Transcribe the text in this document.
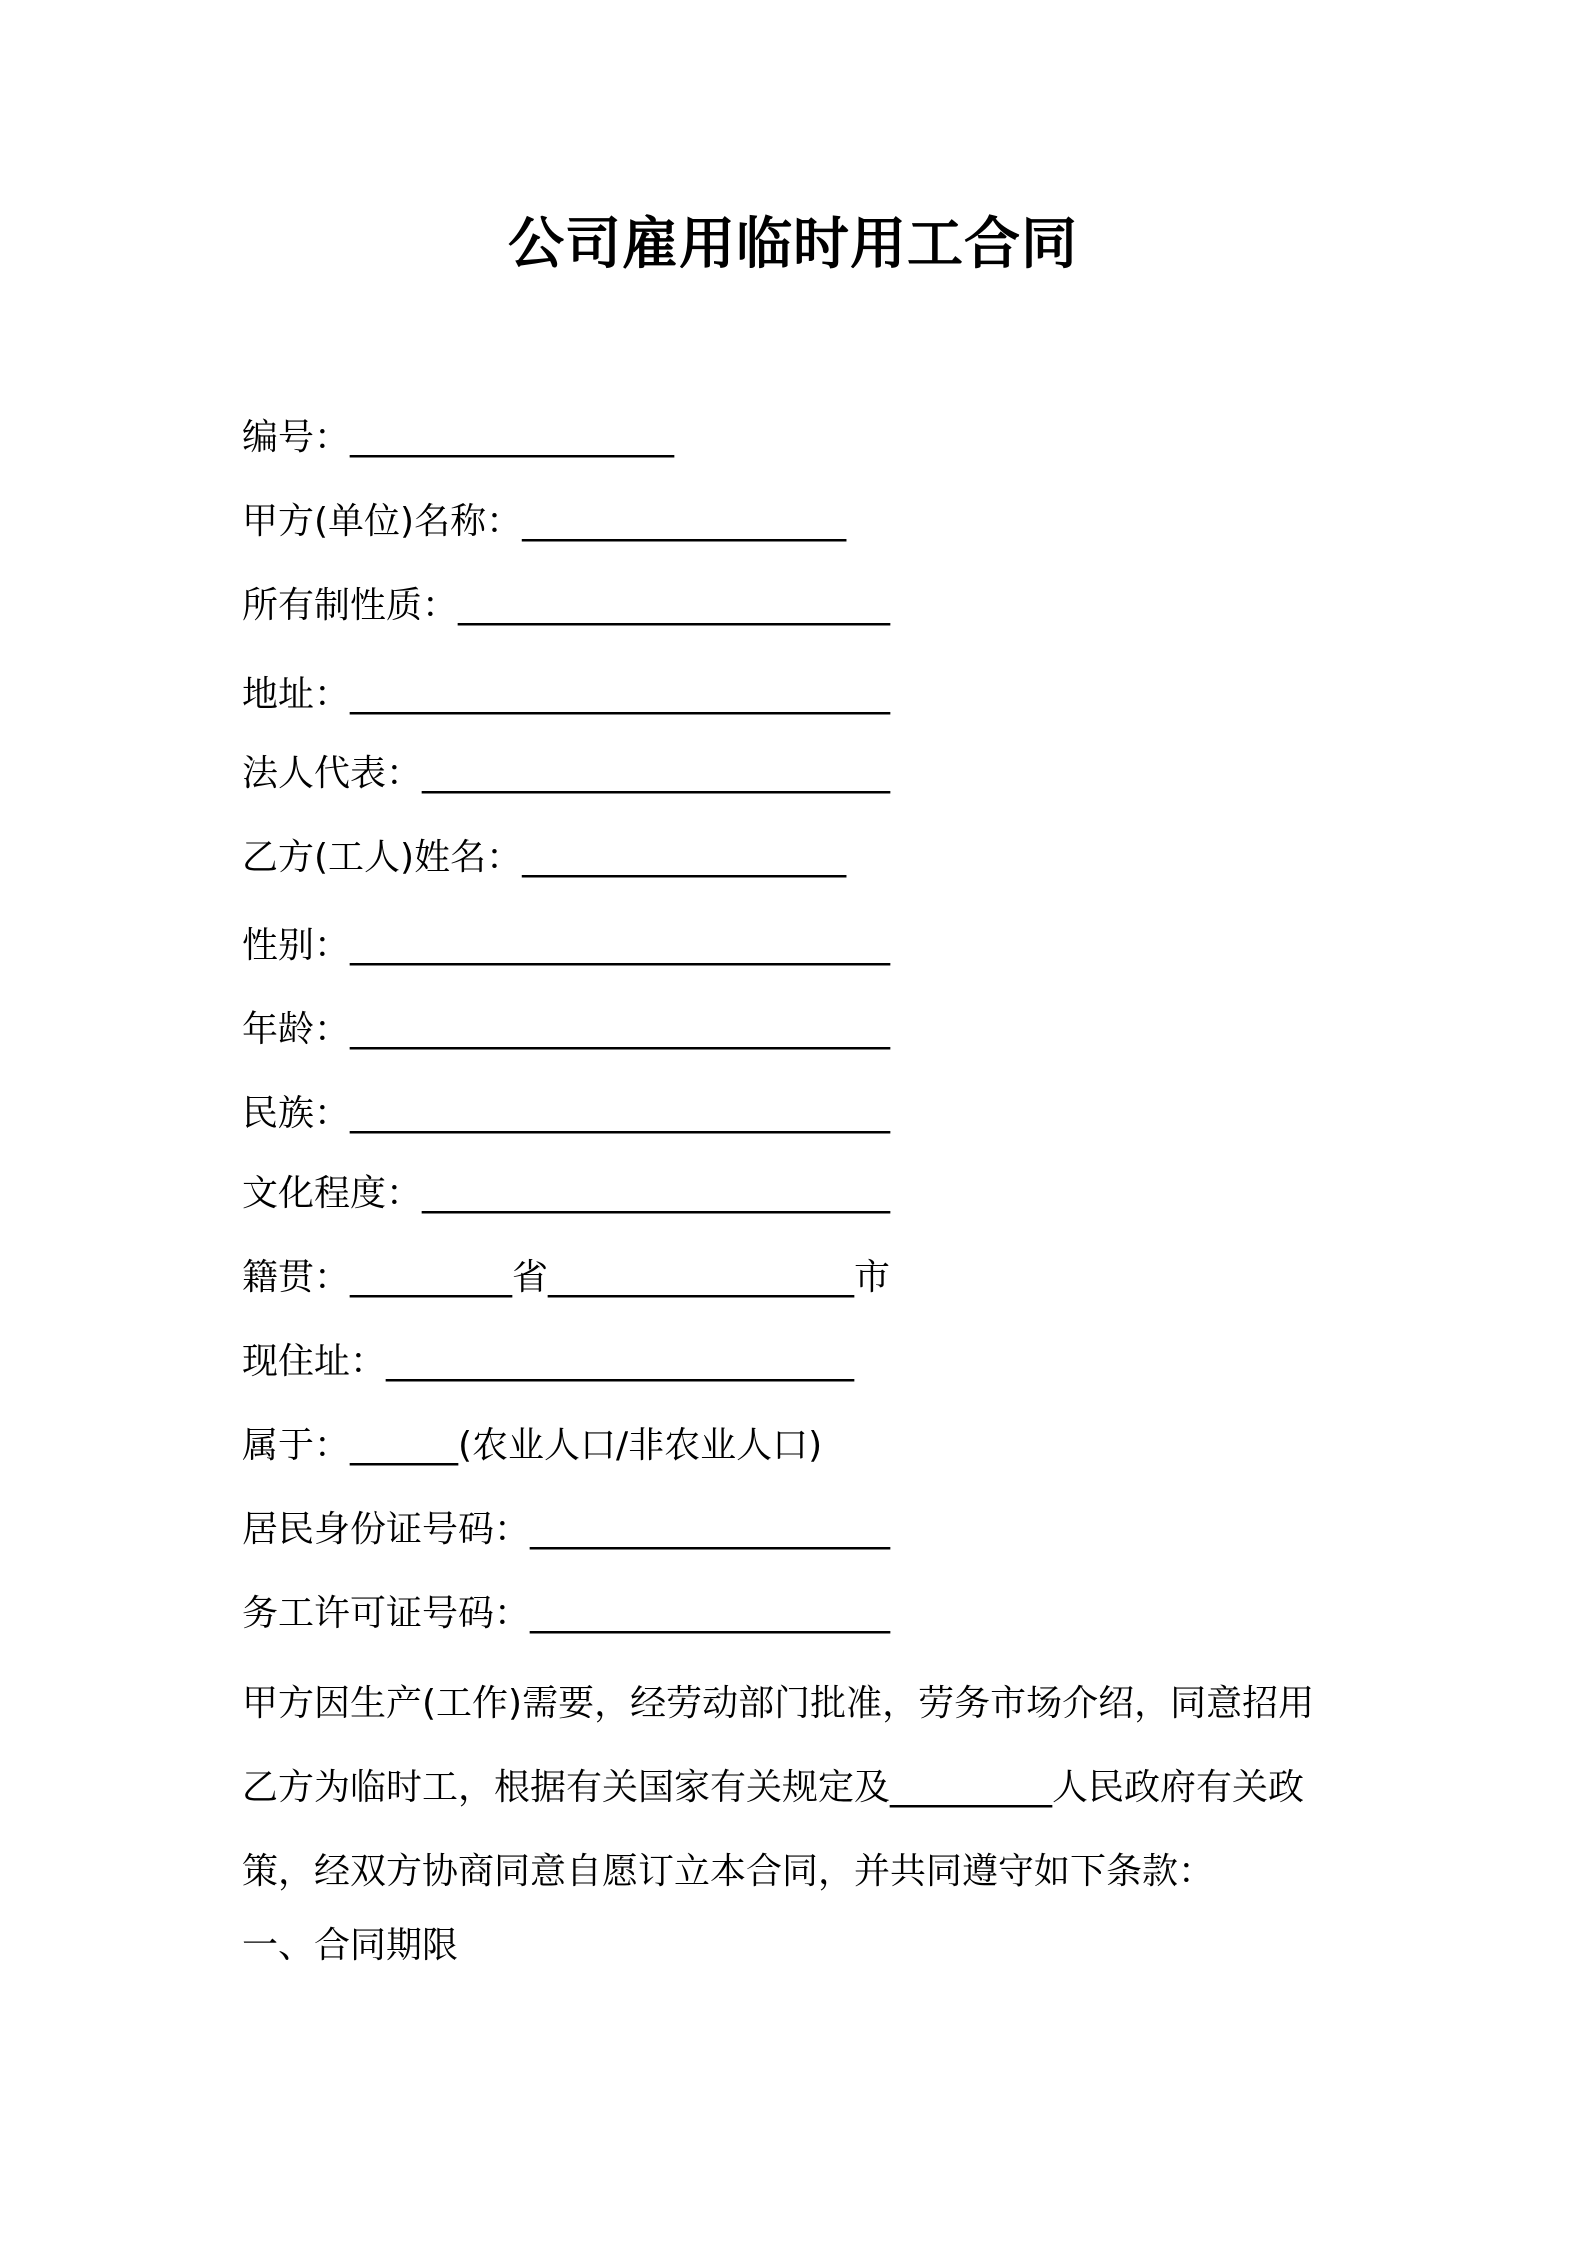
公司雇用临时用工合同
编号：__________________
甲方(单位)名称：__________________
所有制性质：________________________
地址：______________________________
法人代表：__________________________
乙方(工人)姓名：__________________
性别：______________________________
年龄：______________________________
民族：______________________________
文化程度：__________________________
籍贯：_________省_________________市
现住址：__________________________
属于：______(农业人口/非农业人口)
居民身份证号码：____________________
务工许可证号码：____________________
甲方因生产(工作)需要，经劳动部门批准，劳务市场介绍，同意招用
乙方为临时工，根据有关国家有关规定及_________人民政府有关政
策，经双方协商同意自愿订立本合同，并共同遵守如下条款：
一、合同期限
